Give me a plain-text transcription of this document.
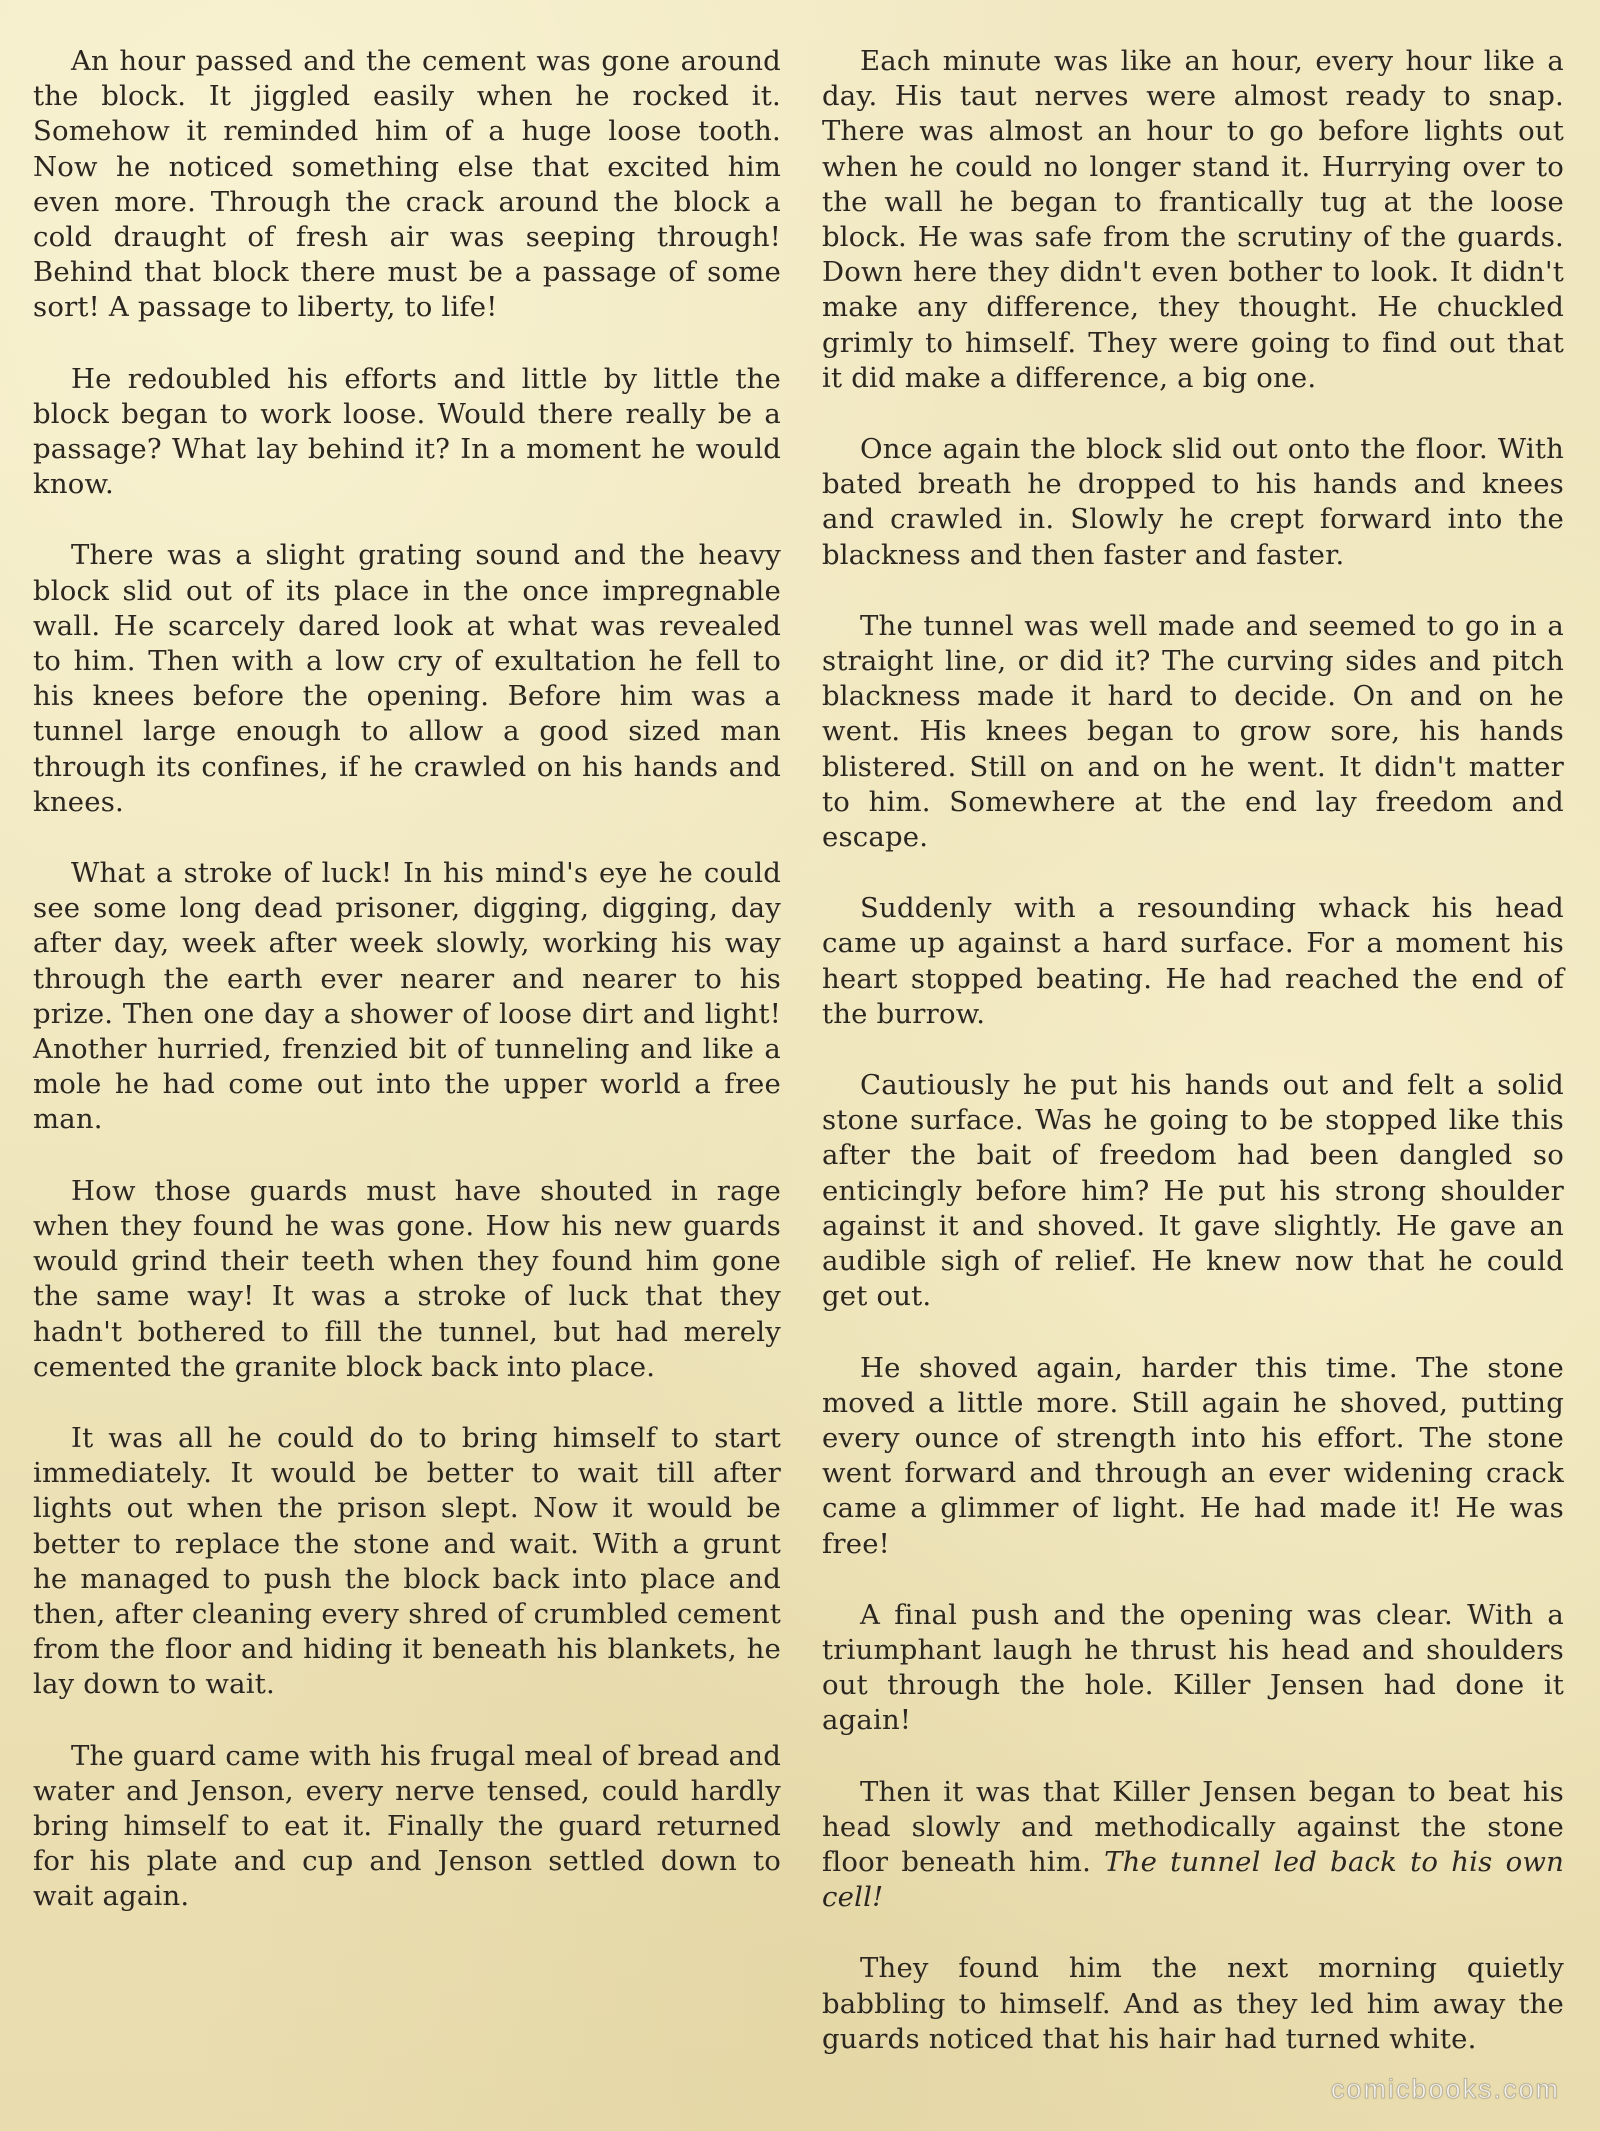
An hour passed and the cement was gone around the block. It jiggled easily when he rocked it. Somehow it reminded him of a huge loose tooth. Now he noticed something else that excited him even more. Through the crack around the block a cold draught of fresh air was seeping through! Behind that block there must be a passage of some sort! A passage to liberty, to life!

He redoubled his efforts and little by little the block began to work loose. Would there really be a passage? What lay behind it? In a moment he would know.

There was a slight grating sound and the heavy block slid out of its place in the once impregnable wall. He scarcely dared look at what was revealed to him. Then with a low cry of exultation he fell to his knees before the opening. Before him was a tunnel large enough to allow a good sized man through its confines, if he crawled on his hands and knees.

What a stroke of luck! In his mind's eye he could see some long dead prisoner, digging, digging, day after day, week after week slowly, working his way through the earth ever nearer and nearer to his prize. Then one day a shower of loose dirt and light! Another hurried, frenzied bit of tunneling and like a mole he had come out into the upper world a free man.

How those guards must have shouted in rage when they found he was gone. How his new guards would grind their teeth when they found him gone the same way! It was a stroke of luck that they hadn't bothered to fill the tunnel, but had merely cemented the granite block back into place.

It was all he could do to bring himself to start immediately. It would be better to wait till after lights out when the prison slept. Now it would be better to replace the stone and wait. With a grunt he managed to push the block back into place and then, after cleaning every shred of crumbled cement from the floor and hiding it beneath his blankets, he lay down to wait.

The guard came with his frugal meal of bread and water and Jenson, every nerve tensed, could hardly bring himself to eat it. Finally the guard returned for his plate and cup and Jenson settled down to wait again.

Each minute was like an hour, every hour like a day. His taut nerves were almost ready to snap. There was almost an hour to go before lights out when he could no longer stand it. Hurrying over to the wall he began to frantically tug at the loose block. He was safe from the scrutiny of the guards. Down here they didn't even bother to look. It didn't make any difference, they thought. He chuckled grimly to himself. They were going to find out that it did make a difference, a big one.

Once again the block slid out onto the floor. With bated breath he dropped to his hands and knees and crawled in. Slowly he crept forward into the blackness and then faster and faster.

The tunnel was well made and seemed to go in a straight line, or did it? The curving sides and pitch blackness made it hard to decide. On and on he went. His knees began to grow sore, his hands blistered. Still on and on he went. It didn't matter to him. Somewhere at the end lay freedom and escape.

Suddenly with a resounding whack his head came up against a hard surface. For a moment his heart stopped beating. He had reached the end of the burrow.

Cautiously he put his hands out and felt a solid stone surface. Was he going to be stopped like this after the bait of freedom had been dangled so enticingly before him? He put his strong shoulder against it and shoved. It gave slightly. He gave an audible sigh of relief. He knew now that he could get out.

He shoved again, harder this time. The stone moved a little more. Still again he shoved, putting every ounce of strength into his effort. The stone went forward and through an ever widening crack came a glimmer of light. He had made it! He was free!

A final push and the opening was clear. With a triumphant laugh he thrust his head and shoulders out through the hole. Killer Jensen had done it again!

Then it was that Killer Jensen began to beat his head slowly and methodically against the stone floor beneath him. The tunnel led back to his own cell!

They found him the next morning quietly babbling to himself. And as they led him away the guards noticed that his hair had turned white.

comicbooks.com
